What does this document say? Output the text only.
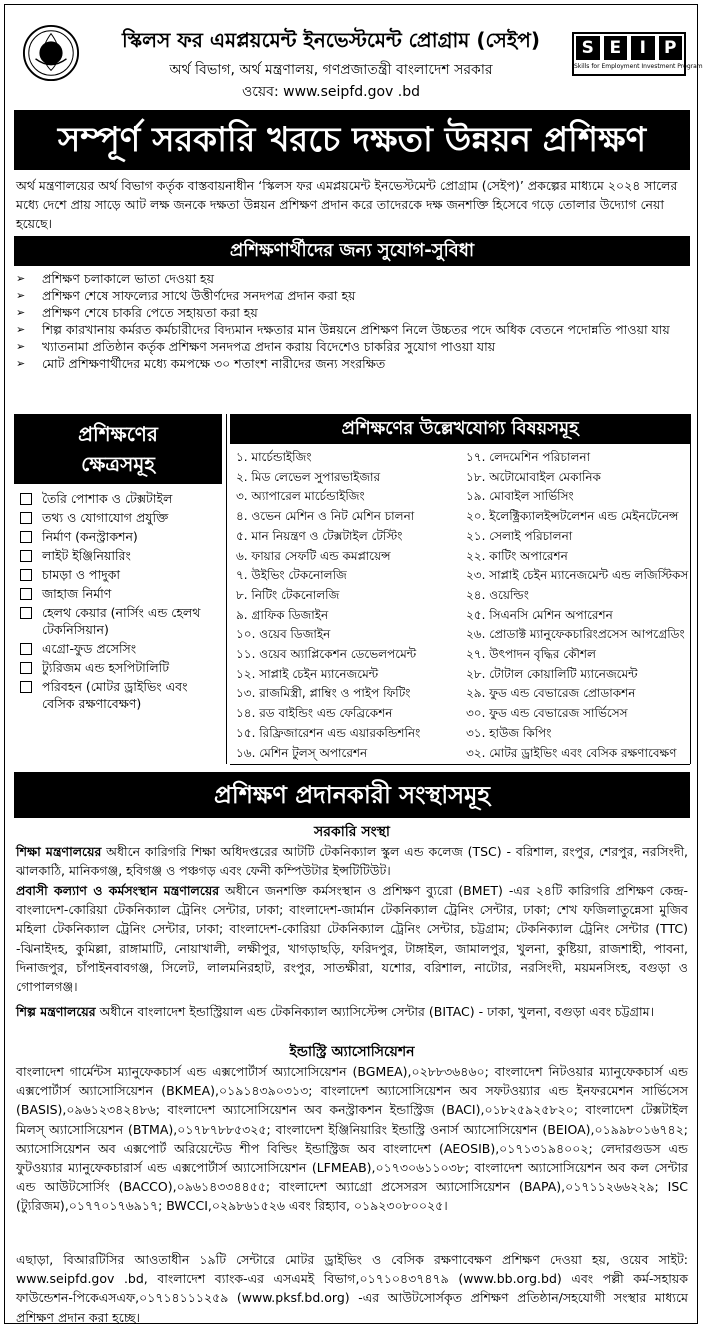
স্কিলস ফর এমপ্লয়মেন্ট ইনভেস্টমেন্ট প্রোগ্রাম (সেইপ)
অর্থ বিভাগ, অর্থ মন্ত্রণালয়, গণপ্রজাতন্ত্রী বাংলাদেশ সরকার
ওয়েব: www.seipfd.gov .bd
S E	I	P
Skills for Employment Investment Program
সম্পূর্ণ সরকারি খরচে দক্ষতা উন্নয়ন প্রশিক্ষণ
অর্থ মন্ত্রণালয়ের অর্থ বিভাগ কর্তৃক বাস্তবায়নাধীন ‘স্কিলস ফর এমপ্লয়মেন্ট ইনভেস্টমেন্ট প্রোগ্রাম (সেইপ)’ প্রকল্পের মাধ্যমে ২০২৪ সালের মধ্যে দেশে প্রায় সাড়ে আট লক্ষ জনকে দক্ষতা উন্নয়ন প্রশিক্ষণ প্রদান করে তাদেরকে দক্ষ জনশক্তি হিসেবে গড়ে তোলার উদ্যোগ নেয়া হয়েছে।
প্রশিক্ষণার্থীদের জন্য সুযোগ-সুবিধা
➢	প্রশিক্ষণ চলাকালে ভাতা দেওয়া হয়
➢	প্রশিক্ষণ শেষে সাফল্যের সাথে উত্তীর্ণদের সনদপত্র প্রদান করা হয়
➢	প্রশিক্ষণ শেষে চাকরি পেতে সহায়তা করা হয়
➢	শিল্প কারখানায় কর্মরত কর্মচারীদের বিদ্যমান দক্ষতার মান উন্নয়নে প্রশিক্ষণ নিলে উচ্চতর পদে অধিক বেতনে পদোন্নতি পাওয়া যায়
➢	খ্যাতনামা প্রতিষ্ঠান কর্তৃক প্রশিক্ষণ সনদপত্র প্রদান করায় বিদেশেও চাকরির সুযোগ পাওয়া যায়
➢	মোট প্রশিক্ষণার্থীদের মধ্যে কমপক্ষে ৩০ শতাংশ নারীদের জন্য সংরক্ষিত
প্রশিক্ষণের
ক্ষেত্রসমূহ
তৈরি পোশাক ও টেক্সটাইল
তথ্য ও যোগাযোগ প্রযুক্তি
নির্মাণ (কনস্ট্রাকশন)
লাইট ইঞ্জিনিয়ারিং
চামড়া ও পাদুকা
জাহাজ নির্মাণ
হেলথ কেয়ার (নার্সিং এন্ড হেলথ টেকনিসিয়ান)
এগ্রো-ফুড প্রসেসিং
ট্যুরিজম এন্ড হসপিটালিটি
পরিবহন (মোটর ড্রাইভিং এবং বেসিক রক্ষণাবেক্ষণ)
প্রশিক্ষণের উল্লেখযোগ্য বিষয়সমূহ
১. মার্চেন্ডাইজিং
২. মিড লেভেল সুপারভাইজার
৩. অ্যাপারেল মার্চেন্ডাইজিং
৪. ওভেন মেশিন ও নিট মেশিন চালনা
৫. মান নিয়ন্ত্রণ ও টেক্সটাইল টেস্টিং
৬. ফায়ার সেফটি এন্ড কমপ্লায়েন্স
৭. উইভিং টেকনোলজি
৮. নিটিং টেকনোলজি
৯. গ্রাফিক ডিজাইন
১০. ওয়েব ডিজাইন
১১. ওয়েব অ্যাপ্লিকেশন ডেভেলপমেন্ট
১২. সাপ্লাই চেইন ম্যানেজমেন্ট
১৩. রাজমিস্ত্রী, প্লাম্বিং ও পাইপ ফিটিং
১৪. রড বাইন্ডিং এন্ড ফেব্রিকেশন
১৫. রিফ্রিজারেশন এন্ড এয়ারকন্ডিশনিং
১৬. মেশিন টুলস্ অপারেশন
১৭. লেদমেশিন পরিচালনা
১৮. অটোমোবাইল মেকানিক
১৯. মোবাইল সার্ভিসিং
২০. ইলেক্ট্রিক্যালইন্সটলেশন এন্ড মেইনটেনেন্স
২১. সেলাই পরিচালনা
২২. কাটিং অপারেশন
২৩. সাপ্লাই চেইন ম্যানেজমেন্ট এন্ড লজিস্টিকস
২৪. ওয়েল্ডিং
২৫. সিএনসি মেশিন অপারেশন
২৬. প্রোডাক্ট ম্যানুফেকচারিংপ্রসেস আপগ্রেডিং
২৭. উৎপাদন বৃদ্ধির কৌশল
২৮. টোটাল কোয়ালিটি ম্যানেজমেন্ট
২৯. ফুড এন্ড বেভারেজ প্রোডাকশন
৩০. ফুড এন্ড বেভারেজ সার্ভিসেস
৩১. হাউজ কিপিং
৩২. মোটর ড্রাইভিং এবং বেসিক রক্ষণাবেক্ষণ
প্রশিক্ষণ প্রদানকারী সংস্থাসমূহ
সরকারি সংস্থা
শিক্ষা মন্ত্রণালয়ের অধীনে কারিগরি শিক্ষা অধিদপ্তরের আটটি টেকনিক্যাল স্কুল এন্ড কলেজ (TSC) - বরিশাল, রংপুর, শেরপুর, নরসিংদী, ঝালকাঠি, মানিকগঞ্জ, হবিগঞ্জ ও পঞ্চগড় এবং ফেনী কম্পিউটার ইন্সটিটিউট।
প্রবাসী কল্যাণ ও কর্মসংস্থান মন্ত্রণালয়ের অধীনে জনশক্তি কর্মসংস্থান ও প্রশিক্ষণ ব্যুরো (BMET) -এর ২৪টি কারিগরি প্রশিক্ষণ কেন্দ্র- বাংলাদেশ-কোরিয়া টেকনিক্যাল ট্রেনিং সেন্টার, ঢাকা; বাংলাদেশ-জার্মান টেকনিক্যাল ট্রেনিং সেন্টার, ঢাকা; শেখ ফজিলাতুন্নেসা মুজিব মহিলা টেকনিক্যাল ট্রেনিং সেন্টার, ঢাকা; বাংলাদেশ-কোরিয়া টেকনিক্যাল ট্রেনিং সেন্টার, চট্টগ্রাম; টেকনিক্যাল ট্রেনিং সেন্টার (TTC) -ঝিনাইদহ, কুমিল্লা, রাঙ্গামাটি, নোয়াখালী, লক্ষীপুর, খাগড়াছড়ি, ফরিদপুর, টাঙ্গাইল, জামালপুর, খুলনা, কুষ্টিয়া, রাজশাহী, পাবনা, দিনাজপুর, চাঁপাইনবাবগঞ্জ, সিলেট, লালমনিরহাট, রংপুর, সাতক্ষীরা, যশোর, বরিশাল, নাটোর, নরসিংদী, ময়মনসিংহ, বগুড়া ও গোপালগঞ্জ।
শিল্প মন্ত্রণালয়ের অধীনে বাংলাদেশ ইন্ডাস্ট্রিয়াল এন্ড টেকনিক্যাল অ্যাসিস্টেন্স সেন্টার (BITAC) - ঢাকা, খুলনা, বগুড়া এবং চট্টগ্রাম।
ইন্ডাস্ট্রি অ্যাসোসিয়েশন
বাংলাদেশ গার্মেন্টস ম্যানুফেকচার্স এন্ড এক্সপোর্টার্স অ্যাসোসিয়েশন (BGMEA),০২৮৮৩৬৪৬০; বাংলাদেশ নিটওয়ার ম্যানুফেকচার্স এন্ড এক্সপোর্টার্স অ্যাসোসিয়েশন (BKMEA),০১৯১৪৩৯০৩১৩; বাংলাদেশ অ্যাসোসিয়েশন অব সফটওয়্যার এন্ড ইনফরমেশন সার্ভিসেস (BASIS),০৯৬১২৩৪২৪৮৬; বাংলাদেশ অ্যাসোসিয়েশন অব কনস্ট্রাকশন ইন্ডাস্ট্রিজ (BACI),০১৮২৫৯২৫৮২০; বাংলাদেশ টেক্সটাইল মিলস্ অ্যাসোসিয়েশন (BTMA),০১৭৮৭৮৮৫৩২৫; বাংলাদেশ ইঞ্জিনিয়ারিং ইন্ডাস্ট্রি ওনার্স অ্যাসোসিয়েশন (BEIOA),০১৯৯৮০১৬৭৪২; অ্যাসোসিয়েশন অব এক্সপোর্ট অরিয়েন্টেড শীপ বিল্ডিং ইন্ডাস্ট্রিজ অব বাংলাদেশ (AEOSIB),০১৭১৩১৯৪০০২; লেদারগুডস এন্ড ফুটওয়্যার ম্যানুফেকচারার্স এন্ড এক্সপোর্টার্স অ্যাসোসিয়েশন (LFMEAB),০১৭৩০৬১১০৩৮; বাংলাদেশ অ্যাসোসিয়েশন অব কল সেন্টার এন্ড আউটসোর্সিং (BACCO),০৯৬১৪৩৩৪৪৫৫; বাংলাদেশ অ্যাগ্রো প্রসেসরস অ্যাসোসিয়েশন (BAPA),০১৭১১২৬৬২২৯; ISC (ট্যুরিজম),০১৭৭০১৭৬৯১৭; BWCCI,০২৯৮৬১৫২৬ এবং রিহ্যাব, ০১৯২৩০৮০০২৫।
এছাড়া, বিআরটিসির আওতাধীন ১৯টি সেন্টারে মোটর ড্রাইভিং ও বেসিক রক্ষণাবেক্ষণ প্রশিক্ষণ দেওয়া হয়, ওয়েব সাইট: www.seipfd.gov .bd, বাংলাদেশ ব্যাংক-এর এসএমই বিভাগ,০১৭১০৪৩৭৪৭৯ (www.bb.org.bd) এবং পল্লী কর্ম-সহায়ক ফাউন্ডেশন-পিকেএসএফ,০১৭১৪১১১২৫৯ (www.pksf.bd.org) -এর আউটসোর্সকৃত প্রশিক্ষণ প্রতিষ্ঠান/সহযোগী সংস্থার মাধ্যমে প্রশিক্ষণ প্রদান করা হচ্ছে।
